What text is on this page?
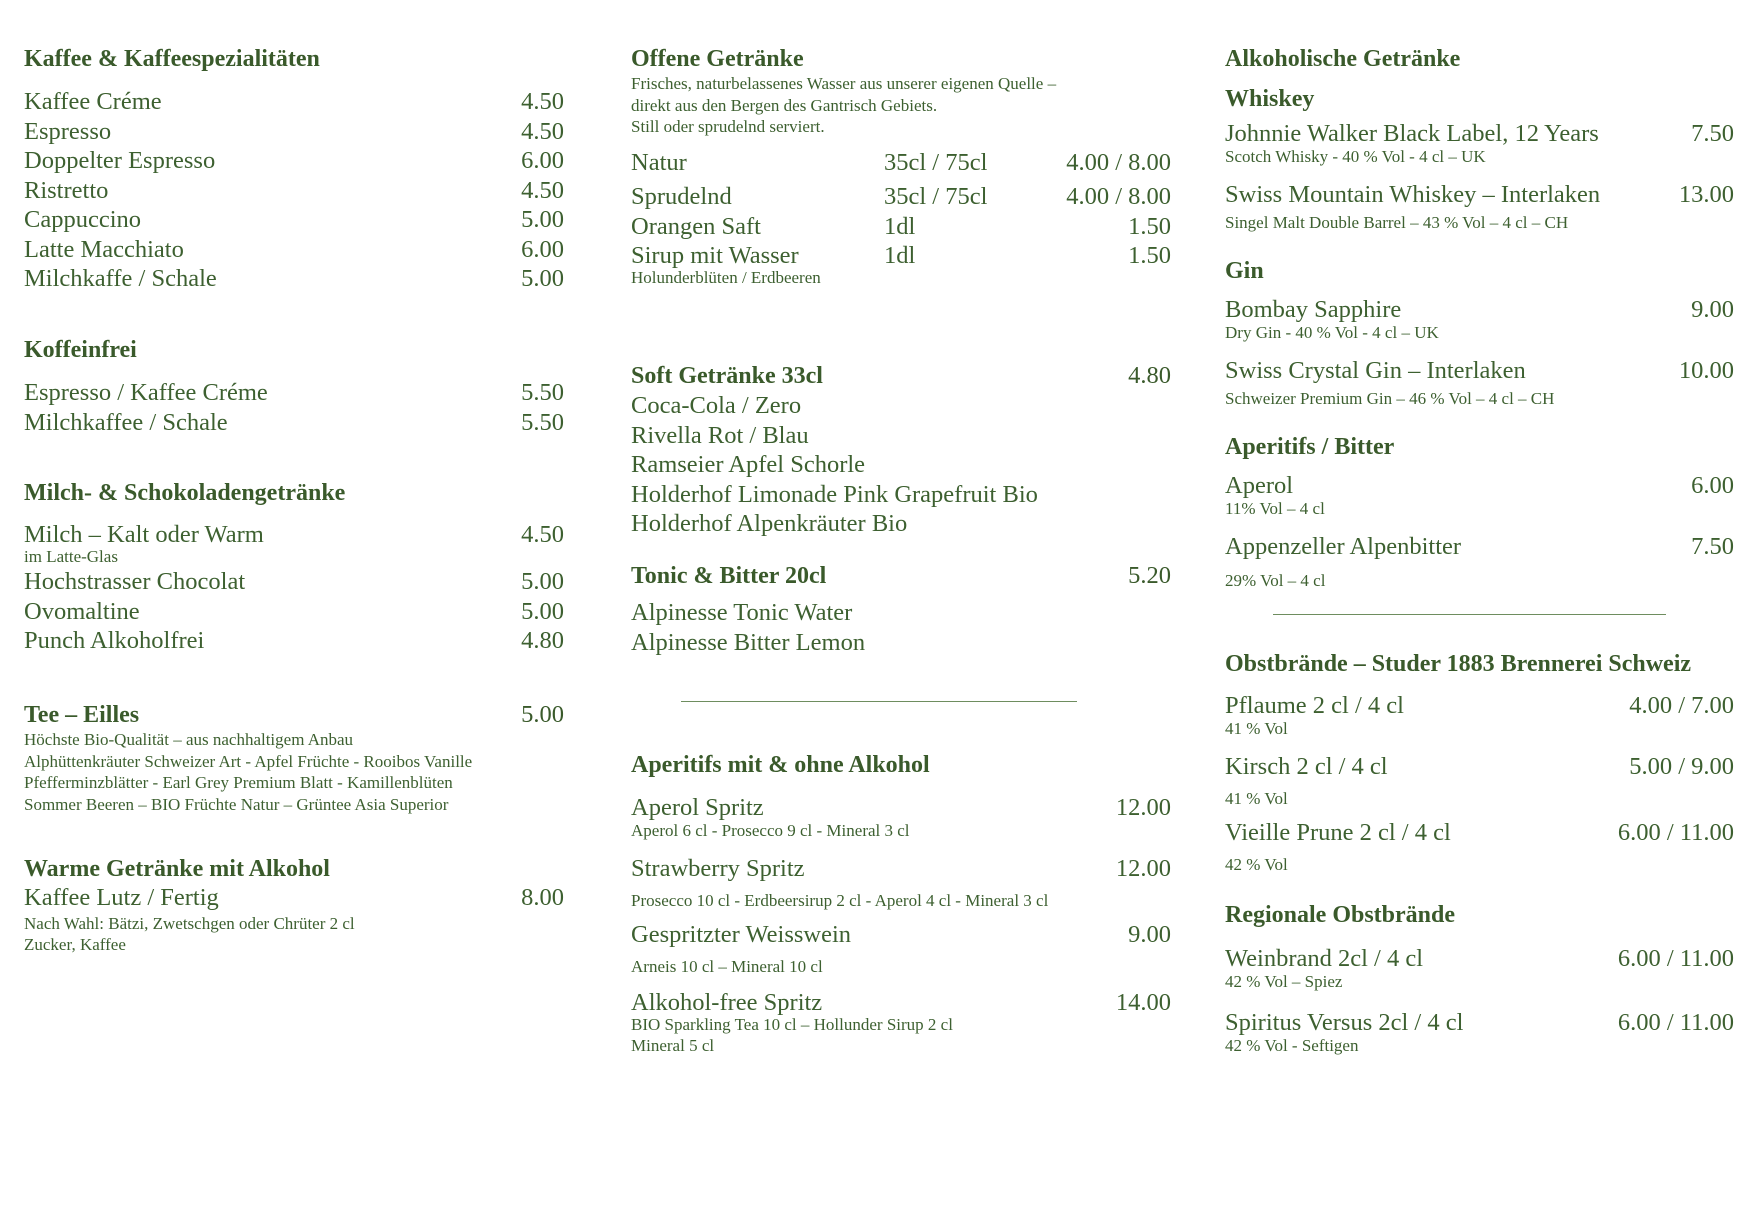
Kaffee & Kaffeespezialitäten
Kaffee Créme	4.50
Espresso	4.50
Doppelter Espresso	6.00
Ristretto	4.50
Cappuccino	5.00
Latte Macchiato	6.00
Milchkaffe / Schale	5.00
Koffeinfrei
Espresso / Kaffee Créme	5.50
Milchkaffee / Schale	5.50
Milch- & Schokoladengetränke
Milch – Kalt oder Warm	4.50
im Latte-Glas
Hochstrasser Chocolat	5.00
Ovomaltine	5.00
Punch Alkoholfrei	4.80
Tee – Eilles	5.00
Höchste Bio-Qualität – aus nachhaltigem Anbau
Alphüttenkräuter Schweizer Art - Apfel Früchte - Rooibos Vanille
Pfefferminzblätter - Earl Grey Premium Blatt - Kamillenblüten
Sommer Beeren – BIO Früchte Natur – Grüntee Asia Superior
Warme Getränke mit Alkohol
Kaffee Lutz / Fertig	8.00
Nach Wahl: Bätzi, Zwetschgen oder Chrüter 2 cl
Zucker, Kaffee
Offene Getränke
Frisches, naturbelassenes Wasser aus unserer eigenen Quelle –
direkt aus den Bergen des Gantrisch Gebiets.
Still oder sprudelnd serviert.
Natur	35cl / 75cl	4.00 / 8.00
Sprudelnd	35cl / 75cl	4.00 / 8.00
Orangen Saft	1dl	1.50
Sirup mit Wasser	1dl	1.50
Holunderblüten / Erdbeeren
Soft Getränke 33cl	4.80
Coca-Cola / Zero
Rivella Rot / Blau
Ramseier Apfel Schorle
Holderhof Limonade Pink Grapefruit Bio
Holderhof Alpenkräuter Bio
Tonic & Bitter 20cl	5.20
Alpinesse Tonic Water
Alpinesse Bitter Lemon
Aperitifs mit & ohne Alkohol
Aperol Spritz	12.00
Aperol 6 cl - Prosecco 9 cl - Mineral 3 cl
Strawberry Spritz	12.00
Prosecco 10 cl - Erdbeersirup 2 cl - Aperol 4 cl - Mineral 3 cl
Gespritzter Weisswein	9.00
Arneis 10 cl – Mineral 10 cl
Alkohol-free Spritz	14.00
BIO Sparkling Tea 10 cl – Hollunder Sirup 2 cl
Mineral 5 cl
Alkoholische Getränke
Whiskey
Johnnie Walker Black Label, 12 Years	7.50
Scotch Whisky - 40 % Vol - 4 cl – UK
Swiss Mountain Whiskey – Interlaken	13.00
Singel Malt Double Barrel – 43 % Vol – 4 cl – CH
Gin
Bombay Sapphire	9.00
Dry Gin - 40 % Vol - 4 cl – UK
Swiss Crystal Gin – Interlaken	10.00
Schweizer Premium Gin – 46 % Vol – 4 cl – CH
Aperitifs / Bitter
Aperol	6.00
11% Vol – 4 cl
Appenzeller Alpenbitter	7.50
29% Vol – 4 cl
Obstbrände – Studer 1883 Brennerei Schweiz
Pflaume 2 cl / 4 cl	4.00 / 7.00
41 % Vol
Kirsch 2 cl / 4 cl	5.00 / 9.00
41 % Vol
Vieille Prune 2 cl / 4 cl	6.00 / 11.00
42 % Vol
Regionale Obstbrände
Weinbrand 2cl / 4 cl	6.00 / 11.00
42 % Vol – Spiez
Spiritus Versus 2cl / 4 cl	6.00 / 11.00
42 % Vol - Seftigen
